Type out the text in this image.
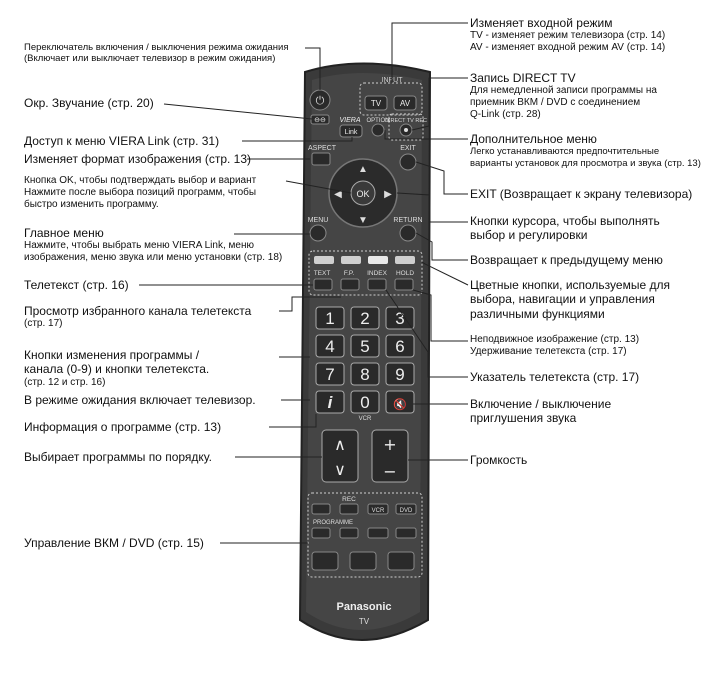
⏻
INPUT
TV AV
⊖⊖ VIERA
Link
OPTION
DIRECT TV REC
ASPECT	EXIT
▲
▼
◀	▶
OK
MENU	RETURN
TEXT F.P. INDEX HOLD
1 2 3
4 5 6
7 8 9
i 0 🔇
VCR
∧
∨
+
−
REC
VCR	DVD
PROGRAMME
Panasonic
TV
Переключатель включения / выключения режима ожидания
(Включает или выключает телевизор в режим ожидания)
Окр. Звучание (стр. 20)
Доступ к меню VIERA Link (стр. 31)
Изменяет формат изображения (стр. 13)
Кнопка OK, чтобы подтверждать выбор и вариант
Нажмите после выбора позиций программ, чтобы
быстро изменить программу.
Главное меню
Нажмите, чтобы выбрать меню VIERA Link, меню
изображения, меню звука или меню установки (стр. 18)
Телетекст (стр. 16)
Просмотр избранного канала телетекста
(стр. 17)
Кнопки изменения программы /
канала (0-9) и кнопки телетекста.
(стр. 12 и стр. 16)
В режиме ожидания включает телевизор.
Информация о программе (стр. 13)
Выбирает программы по порядку.
Управление ВКМ / DVD (стр. 15)
Изменяет входной режим
TV - изменяет режим телевизора (стр. 14)
AV - изменяет входной режим AV (стр. 14)
Запись DIRECT TV
Для немедленной записи программы на
приемник ВКМ / DVD с соединением
Q-Link (стр. 28)
Дополнительное меню
Легко устанавливаются предпочтительные
варианты установок для просмотра и звука (стр. 13)
EXIT (Возвращает к экрану телевизора)
Кнопки курсора, чтобы выполнять
выбор и регулировки
Возвращает к предыдущему меню
Цветные кнопки, используемые для
выбора, навигации и управления
различными функциями
Неподвижное изображение (стр. 13)
Удерживание телетекста (стр. 17)
Указатель телетекста (стр. 17)
Включение / выключение
приглушения звука
Громкость
